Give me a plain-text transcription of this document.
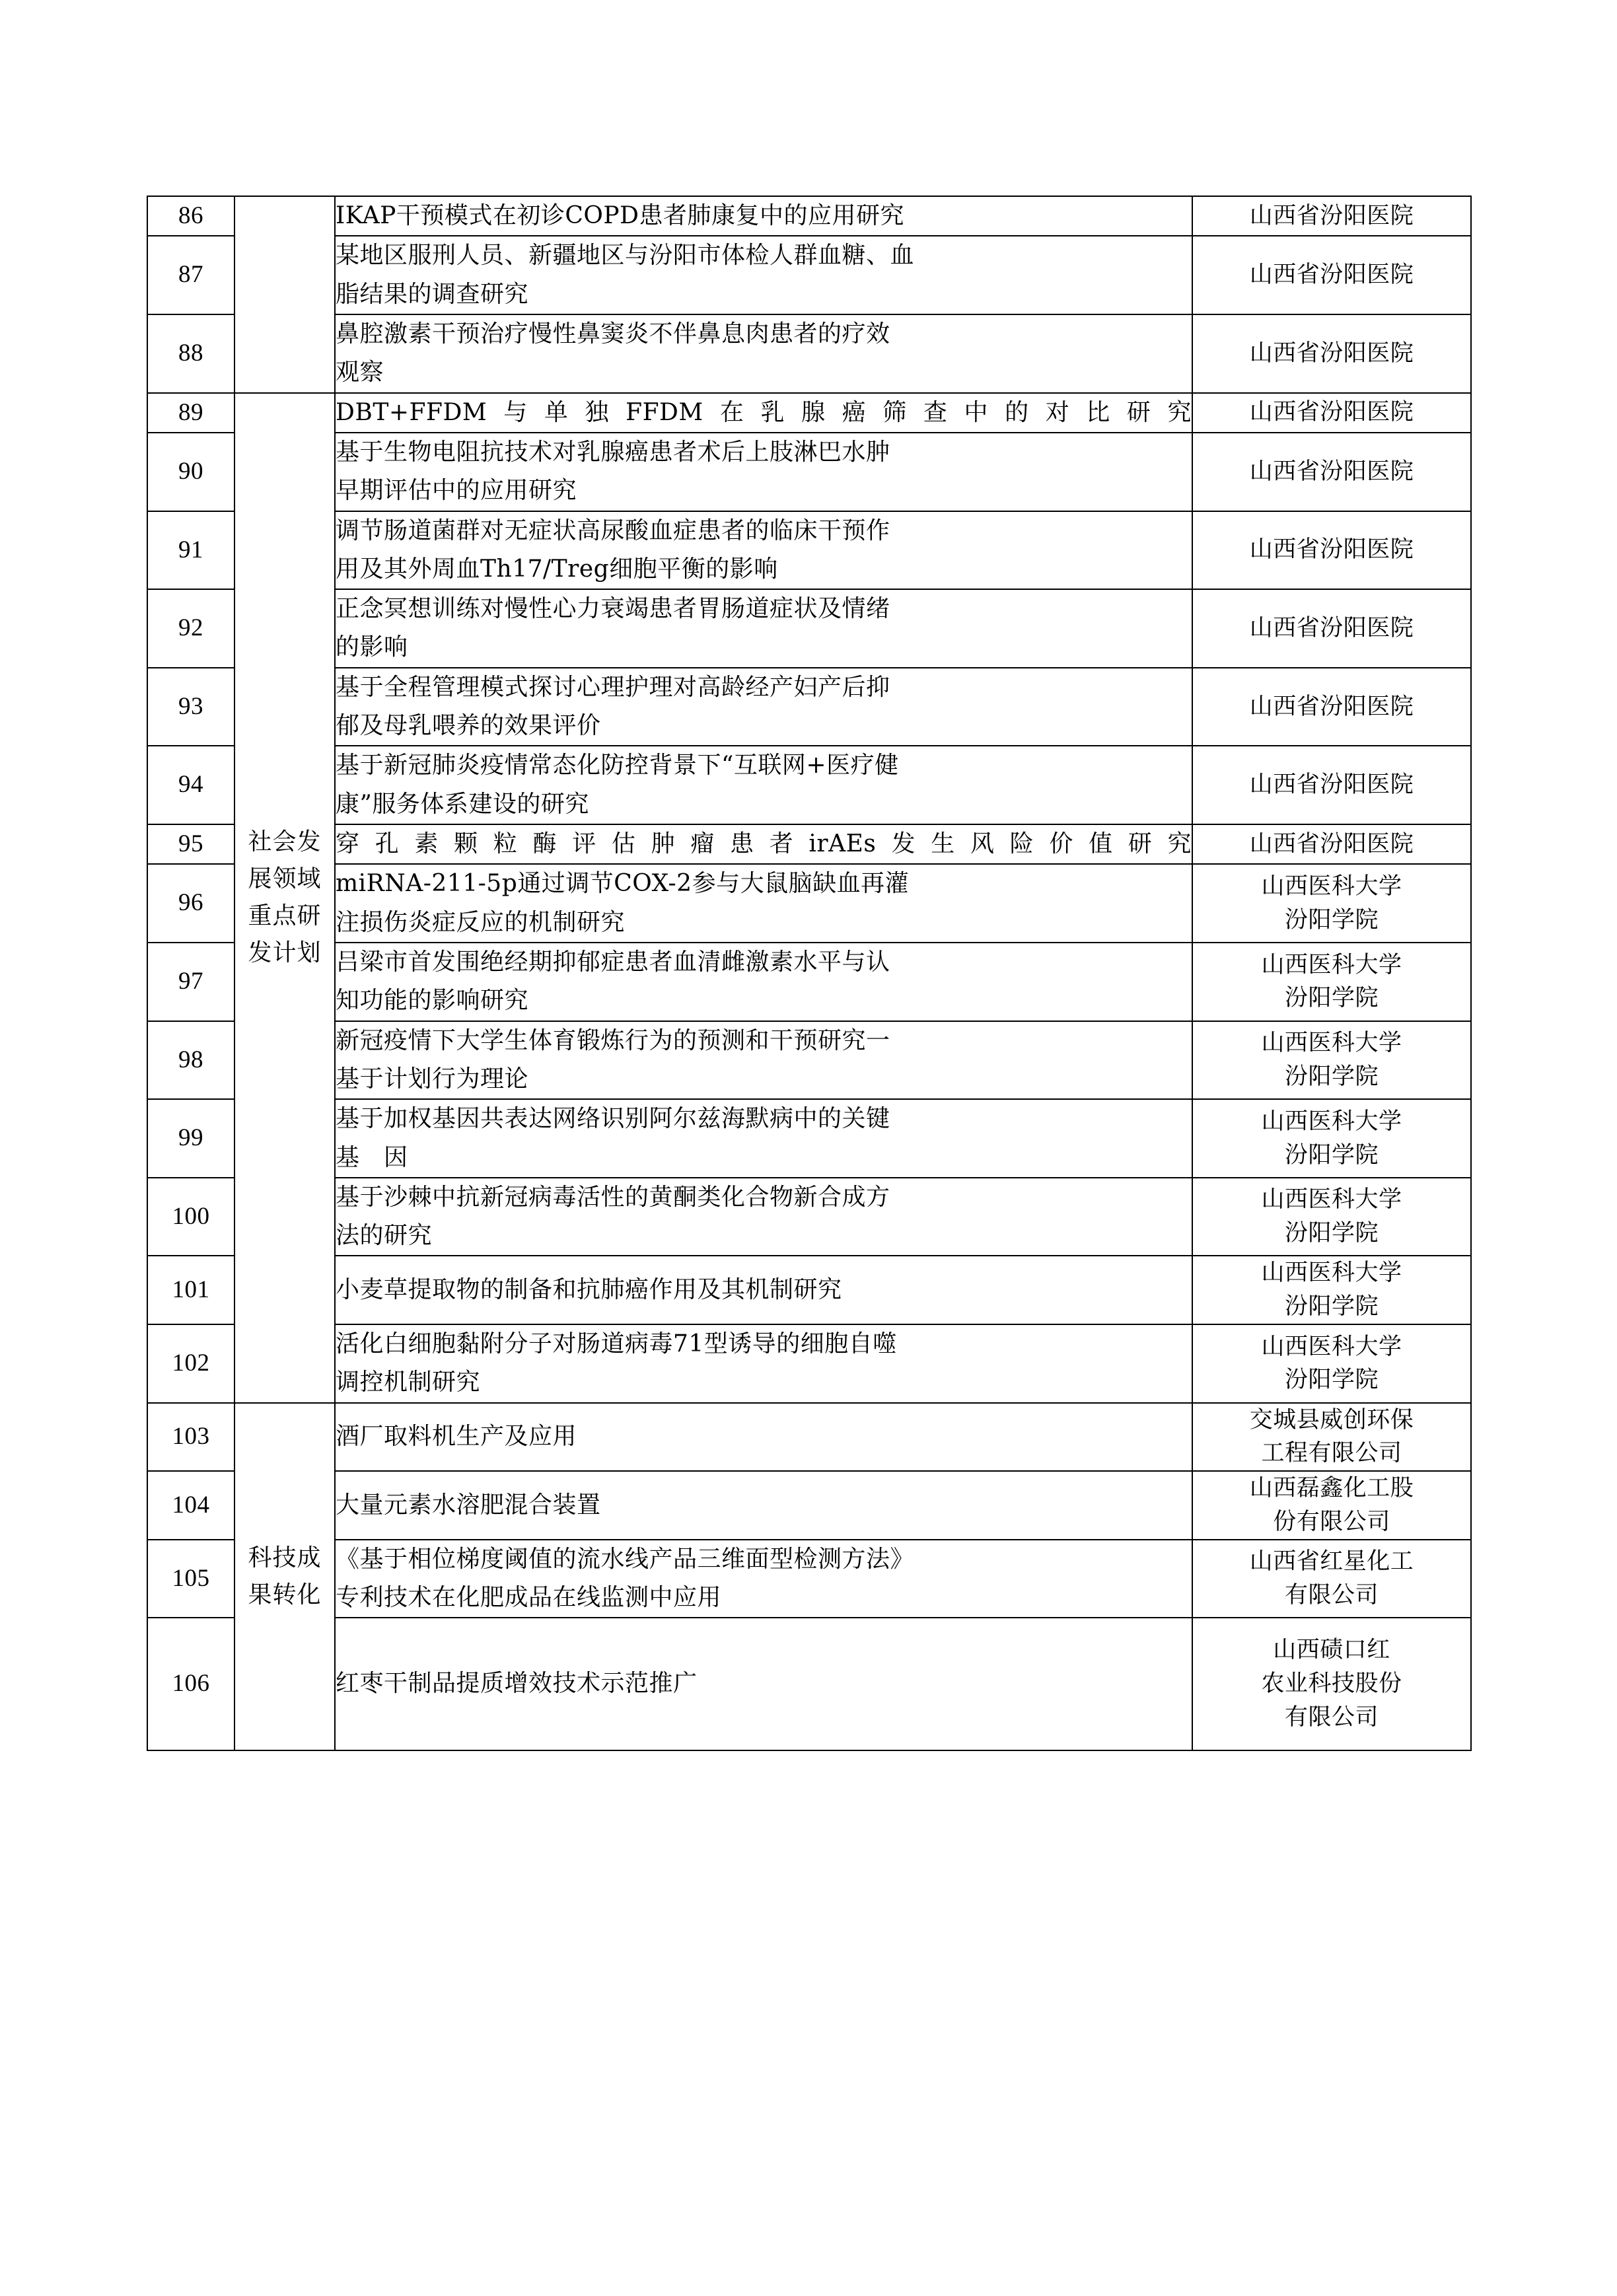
86		IKAP干预模式在初诊COPD患者肺康复中的应用研究	山西省汾阳医院

87		某地区服刑人员、新疆地区与汾阳市体检人群血糖、血
脂结果的调查研究	山西省汾阳医院

88		鼻腔激素干预治疗慢性鼻窦炎不伴鼻息肉患者的疗效
观察	山西省汾阳医院

89	社会发
展领域
重点研
发计划	DBT+FFDM与单独FFDM在乳腺癌筛查中的对比研究	山西省汾阳医院

90		基于生物电阻抗技术对乳腺癌患者术后上肢淋巴水肿
早期评估中的应用研究	山西省汾阳医院

91		调节肠道菌群对无症状高尿酸血症患者的临床干预作
用及其外周血Th17/Treg细胞平衡的影响	山西省汾阳医院

92		正念冥想训练对慢性心力衰竭患者胃肠道症状及情绪
的影响	山西省汾阳医院

93		基于全程管理模式探讨心理护理对高龄经产妇产后抑
郁及母乳喂养的效果评价	山西省汾阳医院

94		基于新冠肺炎疫情常态化防控背景下“互联网+医疗健
康”服务体系建设的研究	山西省汾阳医院

95		穿孔素颗粒酶评估肿瘤患者irAEs发生风险价值研究	山西省汾阳医院

96		miRNA-211-5p通过调节COX-2参与大鼠脑缺血再灌
注损伤炎症反应的机制研究	山西医科大学
汾阳学院

97		吕梁市首发围绝经期抑郁症患者血清雌激素水平与认
知功能的影响研究	山西医科大学
汾阳学院

98		新冠疫情下大学生体育锻炼行为的预测和干预研究一
基于计划行为理论	山西医科大学
汾阳学院

99		基于加权基因共表达网络识别阿尔兹海默病中的关键
基　因	山西医科大学
汾阳学院

100		基于沙棘中抗新冠病毒活性的黄酮类化合物新合成方
法的研究	山西医科大学
汾阳学院

101		小麦草提取物的制备和抗肺癌作用及其机制研究	山西医科大学
汾阳学院

102		活化白细胞黏附分子对肠道病毒71型诱导的细胞自噬
调控机制研究	山西医科大学
汾阳学院

103	科技成
果转化	酒厂取料机生产及应用	交城县威创环保
工程有限公司

104		大量元素水溶肥混合装置	山西磊鑫化工股
份有限公司

105		《基于相位梯度阈值的流水线产品三维面型检测方法》
专利技术在化肥成品在线监测中应用	山西省红星化工
有限公司

106		红枣干制品提质增效技术示范推广	山西碛口红
农业科技股份
有限公司
